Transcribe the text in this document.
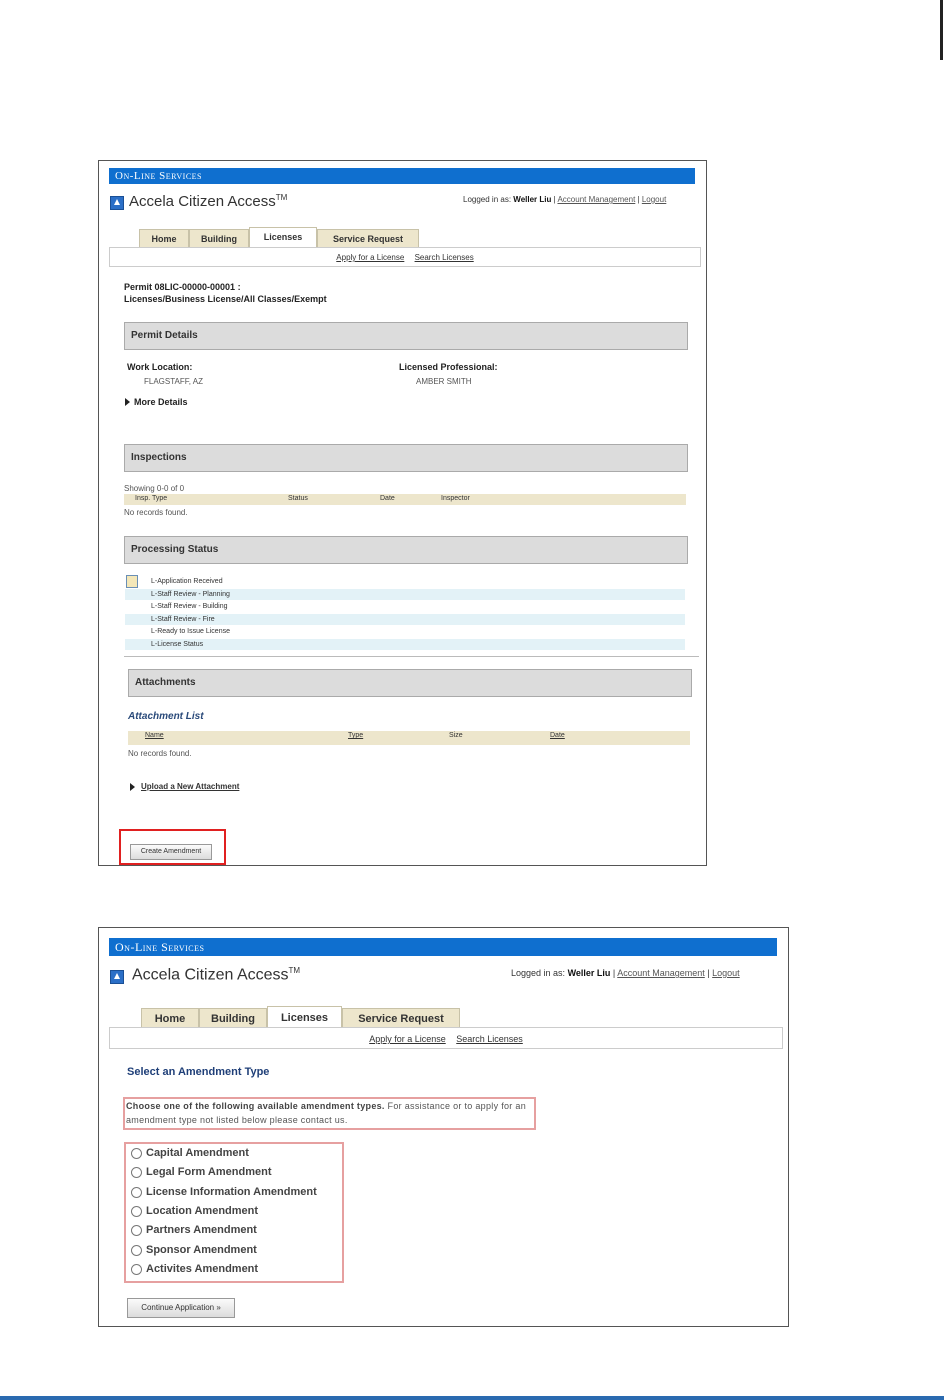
On-Line Services
Accela Citizen Access™	Logged in as: Weller Liu | Account Management | Logout
Home	Building	Licenses	Service Request
Apply for a License Search Licenses
Permit 08LIC-00000-00001 :
Licenses/Business License/All Classes/Exempt
Permit Details
Work Location:
FLAGSTAFF, AZ
Licensed Professional:
AMBER SMITH
More Details
Inspections
Showing 0-0 of 0
Insp. Type	Status	Date	Inspector
No records found.
Processing Status
L-Application Received
L-Staff Review - Planning
L-Staff Review - Building
L-Staff Review - Fire
L-Ready to Issue License
L-License Status
Attachments
Attachment List
Name	Type	Size	Date
No records found.
Upload a New Attachment
Create Amendment
On-Line Services
Accela Citizen Access™	Logged in as: Weller Liu | Account Management | Logout
Home	Building	Licenses	Service Request
Apply for a License Search Licenses
Select an Amendment Type
Choose one of the following available amendment types. For assistance or to apply for an amendment type not listed below please contact us.
Capital Amendment
Legal Form Amendment
License Information Amendment
Location Amendment
Partners Amendment
Sponsor Amendment
Activites Amendment
Continue Application »
